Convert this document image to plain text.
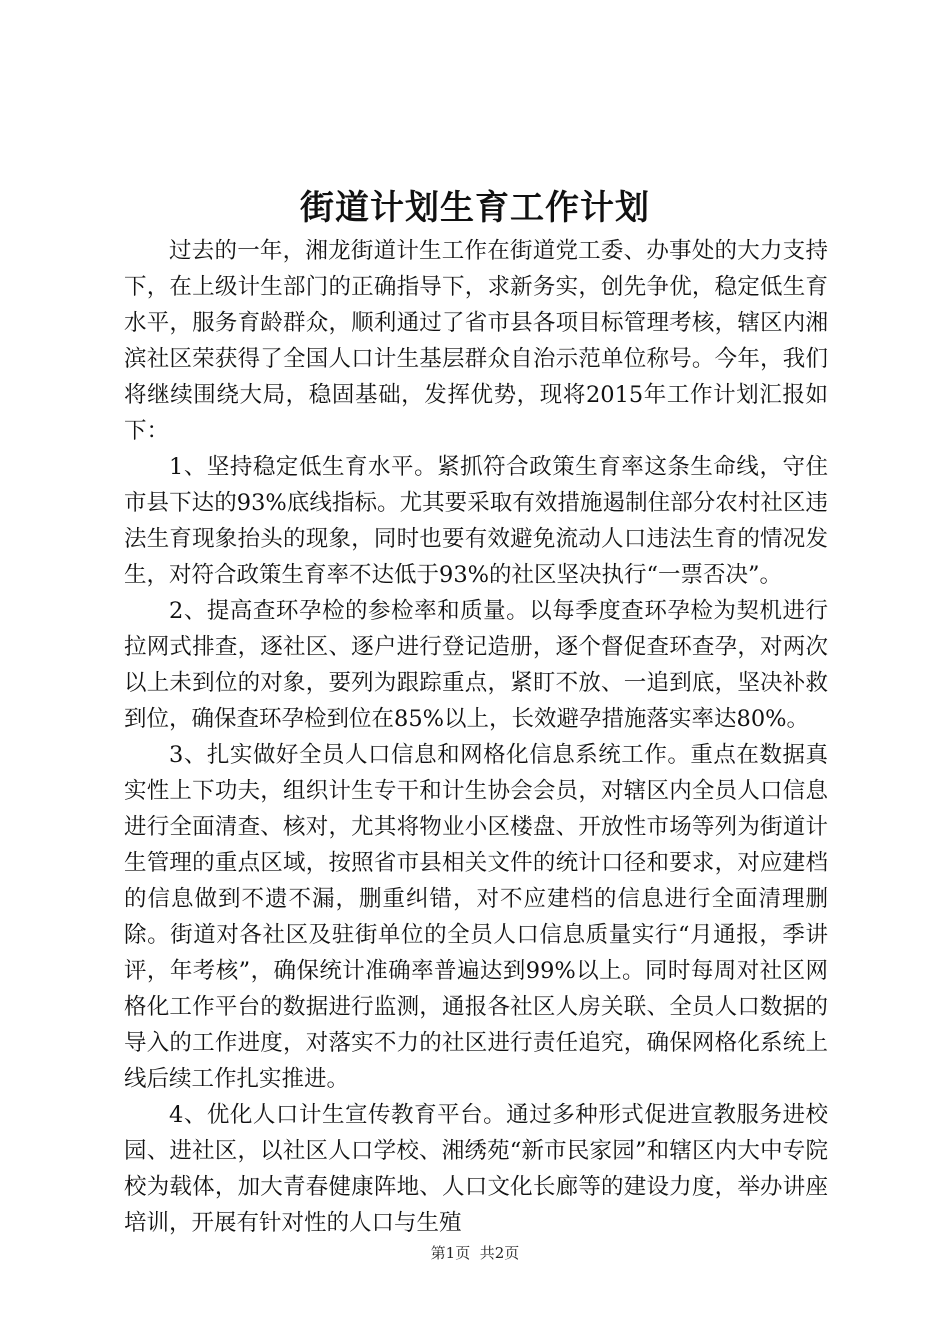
街道计划生育工作计划

过去的一年，湘龙街道计生工作在街道党工委、办事处的大力支持下，在上级计生部门的正确指导下，求新务实，创先争优，稳定低生育水平，服务育龄群众，顺利通过了省市县各项目标管理考核，辖区内湘滨社区荣获得了全国人口计生基层群众自治示范单位称号。今年，我们将继续围绕大局，稳固基础，发挥优势，现将2015年工作计划汇报如下：

1、坚持稳定低生育水平。紧抓符合政策生育率这条生命线，守住市县下达的93%底线指标。尤其要采取有效措施遏制住部分农村社区违法生育现象抬头的现象，同时也要有效避免流动人口违法生育的情况发生，对符合政策生育率不达低于93%的社区坚决执行“一票否决”。

2、提高查环孕检的参检率和质量。以每季度查环孕检为契机进行拉网式排查，逐社区、逐户进行登记造册，逐个督促查环查孕，对两次以上未到位的对象，要列为跟踪重点，紧盯不放、一追到底，坚决补救到位，确保查环孕检到位在85%以上，长效避孕措施落实率达80%。

3、扎实做好全员人口信息和网格化信息系统工作。重点在数据真实性上下功夫，组织计生专干和计生协会会员，对辖区内全员人口信息进行全面清查、核对，尤其将物业小区楼盘、开放性市场等列为街道计生管理的重点区域，按照省市县相关文件的统计口径和要求，对应建档的信息做到不遗不漏，删重纠错，对不应建档的信息进行全面清理删除。街道对各社区及驻街单位的全员人口信息质量实行“月通报，季讲评，年考核”，确保统计准确率普遍达到99%以上。同时每周对社区网格化工作平台的数据进行监测，通报各社区人房关联、全员人口数据的导入的工作进度，对落实不力的社区进行责任追究，确保网格化系统上线后续工作扎实推进。

4、优化人口计生宣传教育平台。通过多种形式促进宣教服务进校园、进社区，以社区人口学校、湘绣苑“新市民家园”和辖区内大中专院校为载体，加大青春健康阵地、人口文化长廊等的建设力度，举办讲座培训，开展有针对性的人口与生殖

第1页 共2页
